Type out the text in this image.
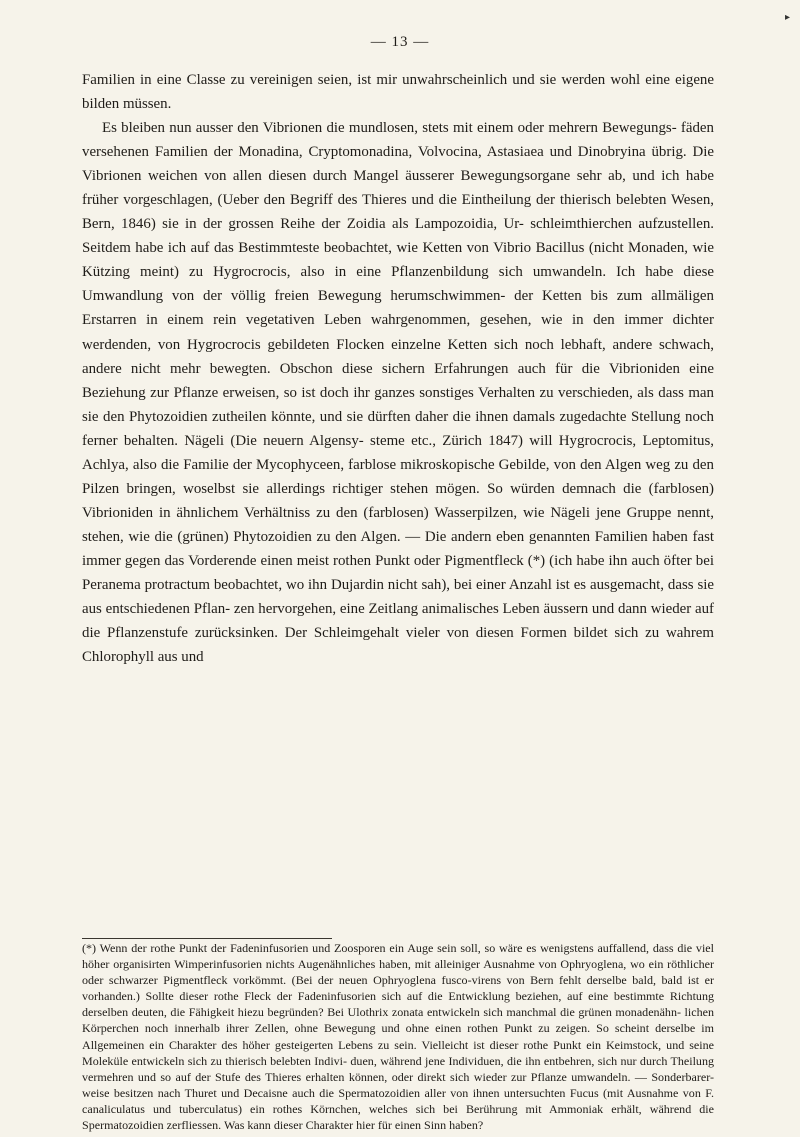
▸
— 13 —

Familien in eine Classe zu vereinigen seien, ist mir unwahrscheinlich und sie werden wohl eine eigene bilden müssen.

Es bleiben nun ausser den Vibrionen die mundlosen, stets mit einem oder mehrern Bewegungs- fäden versehenen Familien der Monadina, Cryptomonadina, Volvocina, Astasiaea und Dinobryina übrig. Die Vibrionen weichen von allen diesen durch Mangel äusserer Bewegungsorgane sehr ab, und ich habe früher vorgeschlagen, (Ueber den Begriff des Thieres und die Eintheilung der thierisch belebten Wesen, Bern, 1846) sie in der grossen Reihe der Zoidia als Lampozoidia, Ur- schleimthierchen aufzustellen. Seitdem habe ich auf das Bestimmteste beobachtet, wie Ketten von Vibrio Bacillus (nicht Monaden, wie Kützing meint) zu Hygrocrocis, also in eine Pflanzenbildung sich umwandeln. Ich habe diese Umwandlung von der völlig freien Bewegung herumschwimmen- der Ketten bis zum allmäligen Erstarren in einem rein vegetativen Leben wahrgenommen, gesehen, wie in den immer dichter werdenden, von Hygrocrocis gebildeten Flocken einzelne Ketten sich noch lebhaft, andere schwach, andere nicht mehr bewegten. Obschon diese sichern Erfahrungen auch für die Vibrioniden eine Beziehung zur Pflanze erweisen, so ist doch ihr ganzes sonstiges Verhalten zu verschieden, als dass man sie den Phytozoidien zutheilen könnte, und sie dürften daher die ihnen damals zugedachte Stellung noch ferner behalten. Nägeli (Die neuern Algensy- steme etc., Zürich 1847) will Hygrocrocis, Leptomitus, Achlya, also die Familie der Mycophyceen, farblose mikroskopische Gebilde, von den Algen weg zu den Pilzen bringen, woselbst sie allerdings richtiger stehen mögen. So würden demnach die (farblosen) Vibrioniden in ähnlichem Verhältniss zu den (farblosen) Wasserpilzen, wie Nägeli jene Gruppe nennt, stehen, wie die (grünen) Phytozoidien zu den Algen. — Die andern eben genannten Familien haben fast immer gegen das Vorderende einen meist rothen Punkt oder Pigmentfleck (*) (ich habe ihn auch öfter bei Peranema protractum beobachtet, wo ihn Dujardin nicht sah), bei einer Anzahl ist es ausgemacht, dass sie aus entschiedenen Pflan- zen hervorgehen, eine Zeitlang animalisches Leben äussern und dann wieder auf die Pflanzenstufe zurücksinken. Der Schleimgehalt vieler von diesen Formen bildet sich zu wahrem Chlorophyll aus und

(*) Wenn der rothe Punkt der Fadeninfusorien und Zoosporen ein Auge sein soll, so wäre es wenigstens auffallend, dass die viel höher organisirten Wimperinfusorien nichts Augenähnliches haben, mit alleiniger Ausnahme von Ophryoglena, wo ein röthlicher oder schwarzer Pigmentfleck vorkömmt. (Bei der neuen Ophryoglena fusco-virens von Bern fehlt derselbe bald, bald ist er vorhanden.) Sollte dieser rothe Fleck der Fadeninfusorien sich auf die Entwicklung beziehen, auf eine bestimmte Richtung derselben deuten, die Fähigkeit hiezu begründen? Bei Ulothrix zonata entwickeln sich manchmal die grünen monadenähn- lichen Körperchen noch innerhalb ihrer Zellen, ohne Bewegung und ohne einen rothen Punkt zu zeigen. So scheint derselbe im Allgemeinen ein Charakter des höher gesteigerten Lebens zu sein. Vielleicht ist dieser rothe Punkt ein Keimstock, und seine Moleküle entwickeln sich zu thierisch belebten Indivi- duen, während jene Individuen, die ihn entbehren, sich nur durch Theilung vermehren und so auf der Stufe des Thieres erhalten können, oder direkt sich wieder zur Pflanze umwandeln. — Sonderbarer- weise besitzen nach Thuret und Decaisne auch die Spermatozoidien aller von ihnen untersuchten Fucus (mit Ausnahme von F. canaliculatus und tuberculatus) ein rothes Körnchen, welches sich bei Berührung mit Ammoniak erhält, während die Spermatozoidien zerfliessen. Was kann dieser Charakter hier für einen Sinn haben?
